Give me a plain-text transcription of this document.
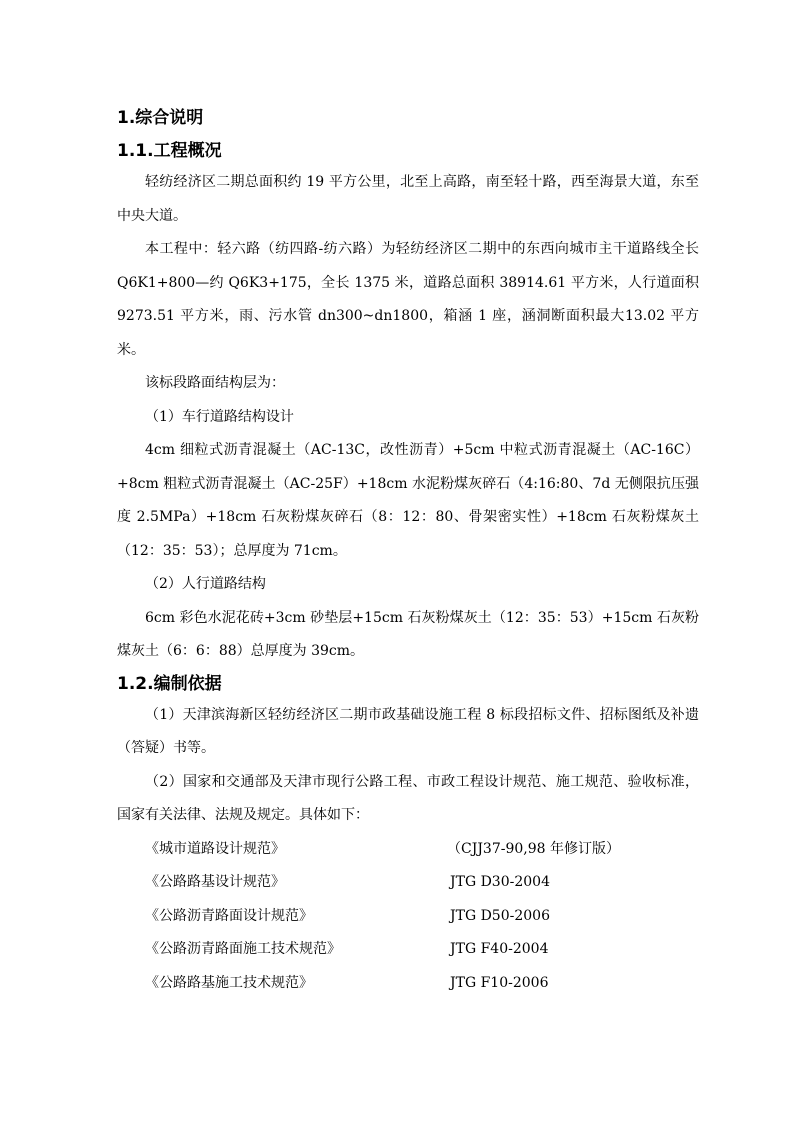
1.综合说明
1.1.工程概况

轻纺经济区二期总面积约 19 平方公里，北至上高路，南至轻十路，西至海景大道，东至中央大道。

本工程中：轻六路（纺四路-纺六路）为轻纺经济区二期中的东西向城市主干道路线全长 Q6K1+800—约 Q6K3+175，全长 1375 米，道路总面积 38914.61 平方米，人行道面积 9273.51 平方米，雨、污水管 dn300~dn1800，箱涵 1 座，涵洞断面积最大13.02 平方米。

该标段路面结构层为：

（1）车行道路结构设计

4cm 细粒式沥青混凝土（AC-13C，改性沥青）+5cm 中粒式沥青混凝土（AC-16C）+8cm 粗粒式沥青混凝土（AC-25F）+18cm 水泥粉煤灰碎石（4:16:80、7d 无侧限抗压强度 2.5MPa）+18cm 石灰粉煤灰碎石（8：12：80、骨架密实性）+18cm 石灰粉煤灰土（12：35：53）；总厚度为 71cm。

（2）人行道路结构

6cm 彩色水泥花砖+3cm 砂垫层+15cm 石灰粉煤灰土（12：35：53）+15cm 石灰粉煤灰土（6：6：88）总厚度为 39cm。

1.2.编制依据

（1）天津滨海新区轻纺经济区二期市政基础设施工程 8 标段招标文件、招标图纸及补遗（答疑）书等。

（2）国家和交通部及天津市现行公路工程、市政工程设计规范、施工规范、验收标准，国家有关法律、法规及规定。具体如下：

《城市道路设计规范》	（CJJ37-90,98 年修订版）
《公路路基设计规范》	JTG D30-2004
《公路沥青路面设计规范》	JTG D50-2006
《公路沥青路面施工技术规范》	JTG F40-2004
《公路路基施工技术规范》	JTG F10-2006
